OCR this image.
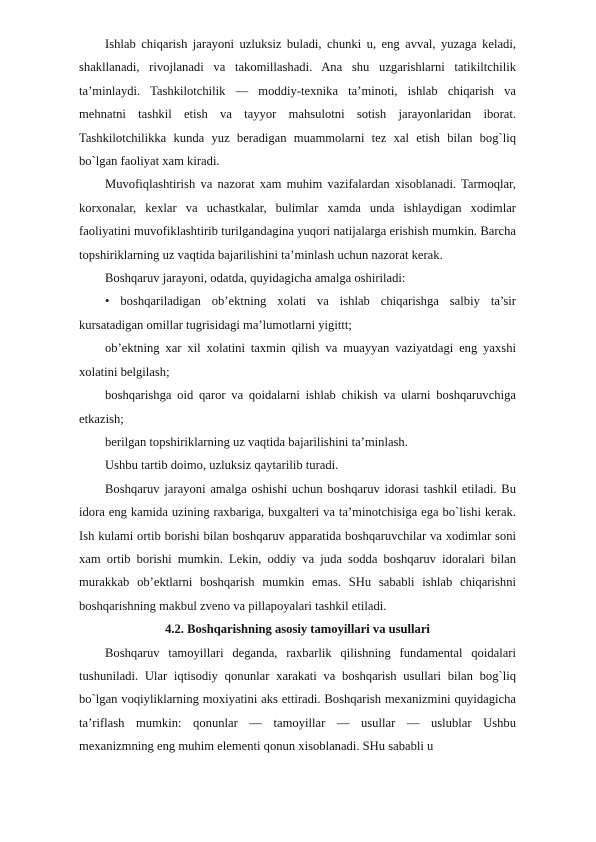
Ishlab chiqarish jarayoni uzluksiz buladi, chunki u, eng avval, yuzaga keladi, shakllanadi, rivojlanadi va takomillashadi. Ana shu uzgarishlarni tatikiltchilik ta’minlaydi. Tashkilotchilik — moddiy-texnika ta’minoti, ishlab chiqarish va mehnatni tashkil etish va tayyor mahsulotni sotish jarayonlaridan iborat. Tashkilotchilikka kunda yuz beradigan muammolarni tez xal etish bilan bog`liq bo`lgan faoliyat xam kiradi.

Muvofiqlashtirish va nazorat xam muhim vazifalardan xisoblanadi. Tarmoqlar, korxonalar, kexlar va uchastkalar, bulimlar xamda unda ishlaydigan xodimlar faoliyatini muvofiklashtirib turilgandagina yuqori natijalarga erishish mumkin. Barcha topshiriklarning uz vaqtida bajarilishini ta’minlash uchun nazorat kerak.

Boshqaruv jarayoni, odatda, quyidagicha amalga oshiriladi:

• boshqariladigan ob’ektning xolati va ishlab chiqarishga salbiy ta’sir kursatadigan omillar tugrisidagi ma’lumotlarni yigittt;

ob’ektning xar xil xolatini taxmin qilish va muayyan vaziyatdagi eng yaxshi xolatini belgilash;

boshqarishga oid qaror va qoidalarni ishlab chikish va ularni boshqaruvchiga etkazish;

berilgan topshiriklarning uz vaqtida bajarilishini ta’minlash.

Ushbu tartib doimo, uzluksiz qaytarilib turadi.

Boshqaruv jarayoni amalga oshishi uchun boshqaruv idorasi tashkil etiladi. Bu idora eng kamida uzining raxbariga, buxgalteri va ta’minotchisiga ega bo`lishi kerak. Ish kulami ortib borishi bilan boshqaruv apparatida boshqaruvchilar va xodimlar soni xam ortib borishi mumkin. Lekin, oddiy va juda sodda boshqaruv idoralari bilan murakkab ob’ektlarni boshqarish mumkin emas. SHu sababli ishlab chiqarishni boshqarishning makbul zveno va pillapoyalari tashkil etiladi.

4.2. Boshqarishning asosiy tamoyillari va usullari

Boshqaruv tamoyillari deganda, raxbarlik qilishning fundamental qoidalari tushuniladi. Ular iqtisodiy qonunlar xarakati va boshqarish usullari bilan bog`liq bo`lgan voqiyliklarning moxiyatini aks ettiradi. Boshqarish mexanizmini quyidagicha ta’riflash mumkin: qonunlar — tamoyillar — usullar — uslublar Ushbu mexanizmning eng muhim elementi qonun xisoblanadi. SHu sababli u
